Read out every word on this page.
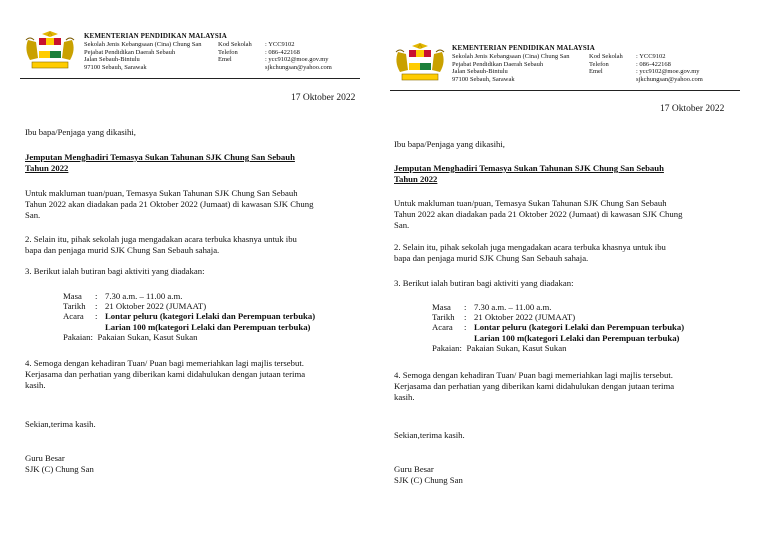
KEMENTERIAN PENDIDIKAN MALAYSIA
Sekolah Jenis Kebangsaan (Cina) Chung San
Pejabat Pendidikan Daerah Sebauh
Jalan Sebauh-Bintulu
97100 Sebauh, Sarawak
Kod Sekolah	: YCC9102
Telefon	: 086-422168
Emel	: ycc9102@moe.gov.my
sjkchungsan@yahoo.com
17 Oktober 2022
Ibu bapa/Penjaga yang dikasihi,
Jemputan Menghadiri Temasya Sukan Tahunan SJK Chung San Sebauh
Tahun 2022
Untuk makluman tuan/puan, Temasya Sukan Tahunan SJK Chung San Sebauh
Tahun 2022 akan diadakan pada 21 Oktober 2022 (Jumaat) di kawasan SJK Chung
San.
2. Selain itu, pihak sekolah juga mengadakan acara terbuka khasnya untuk ibu
bapa dan penjaga murid SJK Chung San Sebauh sahaja.
3. Berikut ialah butiran bagi aktiviti yang diadakan:
Masa	: 7.30 a.m. – 11.00 a.m.
Tarikh	: 21 Oktober 2022 (JUMAAT)
Acara	: Lontar peluru (kategori Lelaki dan Perempuan terbuka)
Larian 100 m(kategori Lelaki dan Perempuan terbuka)
Pakaian : Pakaian Sukan, Kasut Sukan
4. Semoga dengan kehadiran Tuan/ Puan bagi memeriahkan lagi majlis tersebut.
Kerjasama dan perhatian yang diberikan kami didahulukan dengan jutaan terima
kasih.
Sekian,terima kasih.
Guru Besar
SJK (C) Chung San
KEMENTERIAN PENDIDIKAN MALAYSIA
Sekolah Jenis Kebangsaan (Cina) Chung San
Pejabat Pendidikan Daerah Sebauh
Jalan Sebauh-Bintulu
97100 Sebauh, Sarawak
Kod Sekolah	: YCC9102
Telefon	: 086-422168
Emel	: ycc9102@moe.gov.my
sjkchungsan@yahoo.com
17 Oktober 2022
Ibu bapa/Penjaga yang dikasihi,
Jemputan Menghadiri Temasya Sukan Tahunan SJK Chung San Sebauh
Tahun 2022
Untuk makluman tuan/puan, Temasya Sukan Tahunan SJK Chung San Sebauh
Tahun 2022 akan diadakan pada 21 Oktober 2022 (Jumaat) di kawasan SJK Chung
San.
2. Selain itu, pihak sekolah juga mengadakan acara terbuka khasnya untuk ibu
bapa dan penjaga murid SJK Chung San Sebauh sahaja.
3. Berikut ialah butiran bagi aktiviti yang diadakan:
Masa	: 7.30 a.m. – 11.00 a.m.
Tarikh	: 21 Oktober 2022 (JUMAAT)
Acara	: Lontar peluru (kategori Lelaki dan Perempuan terbuka)
Larian 100 m(kategori Lelaki dan Perempuan terbuka)
Pakaian : Pakaian Sukan, Kasut Sukan
4. Semoga dengan kehadiran Tuan/ Puan bagi memeriahkan lagi majlis tersebut.
Kerjasama dan perhatian yang diberikan kami didahulukan dengan jutaan terima
kasih.
Sekian,terima kasih.
Guru Besar
SJK (C) Chung San
